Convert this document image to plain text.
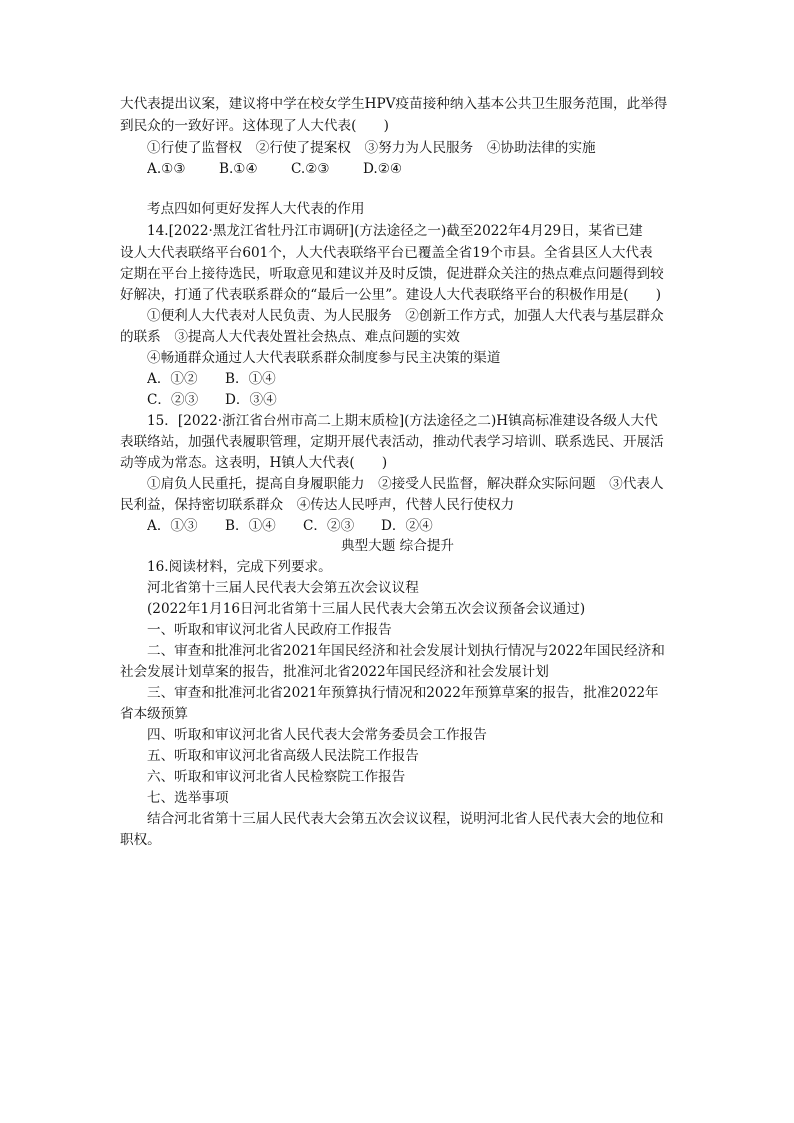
大代表提出议案，建议将中学在校女学生HPV疫苗接种纳入基本公共卫生服务范围，此举得
到民众的一致好评。这体现了人大代表(　　)
①行使了监督权　②行使了提案权　③努力为人民服务　④协助法律的实施
A.①③ B.①④ C.②③ D.②④
考点四如何更好发挥人大代表的作用
14.[2022·黑龙江省牡丹江市调研](方法途径之一)截至2022年4月29日，某省已建
设人大代表联络平台601个，人大代表联络平台已覆盖全省19个市县。全省县区人大代表
定期在平台上接待选民，听取意见和建议并及时反馈，促进群众关注的热点难点问题得到较
好解决，打通了代表联系群众的“最后一公里”。建设人大代表联络平台的积极作用是(　　)
①便利人大代表对人民负责、为人民服务　②创新工作方式，加强人大代表与基层群众
的联系　③提高人大代表处置社会热点、难点问题的实效
④畅通群众通过人大代表联系群众制度参与民主决策的渠道
A．①② B．①④
C．②③ D．③④
15．[2022·浙江省台州市高二上期末质检](方法途径之二)H镇高标准建设各级人大代
表联络站，加强代表履职管理，定期开展代表活动，推动代表学习培训、联系选民、开展活
动等成为常态。这表明，H镇人大代表(　　)
①肩负人民重托，提高自身履职能力　②接受人民监督，解决群众实际问题　③代表人
民利益，保持密切联系群众　④传达人民呼声，代替人民行使权力
A．①③ B．①④ C．②③ D．②④
典型大题 综合提升
16.阅读材料，完成下列要求。
河北省第十三届人民代表大会第五次会议议程
(2022年1月16日河北省第十三届人民代表大会第五次会议预备会议通过)
一、听取和审议河北省人民政府工作报告
二、审查和批准河北省2021年国民经济和社会发展计划执行情况与2022年国民经济和
社会发展计划草案的报告，批准河北省2022年国民经济和社会发展计划
三、审查和批准河北省2021年预算执行情况和2022年预算草案的报告，批准2022年
省本级预算
四、听取和审议河北省人民代表大会常务委员会工作报告
五、听取和审议河北省高级人民法院工作报告
六、听取和审议河北省人民检察院工作报告
七、选举事项
结合河北省第十三届人民代表大会第五次会议议程，说明河北省人民代表大会的地位和
职权。
